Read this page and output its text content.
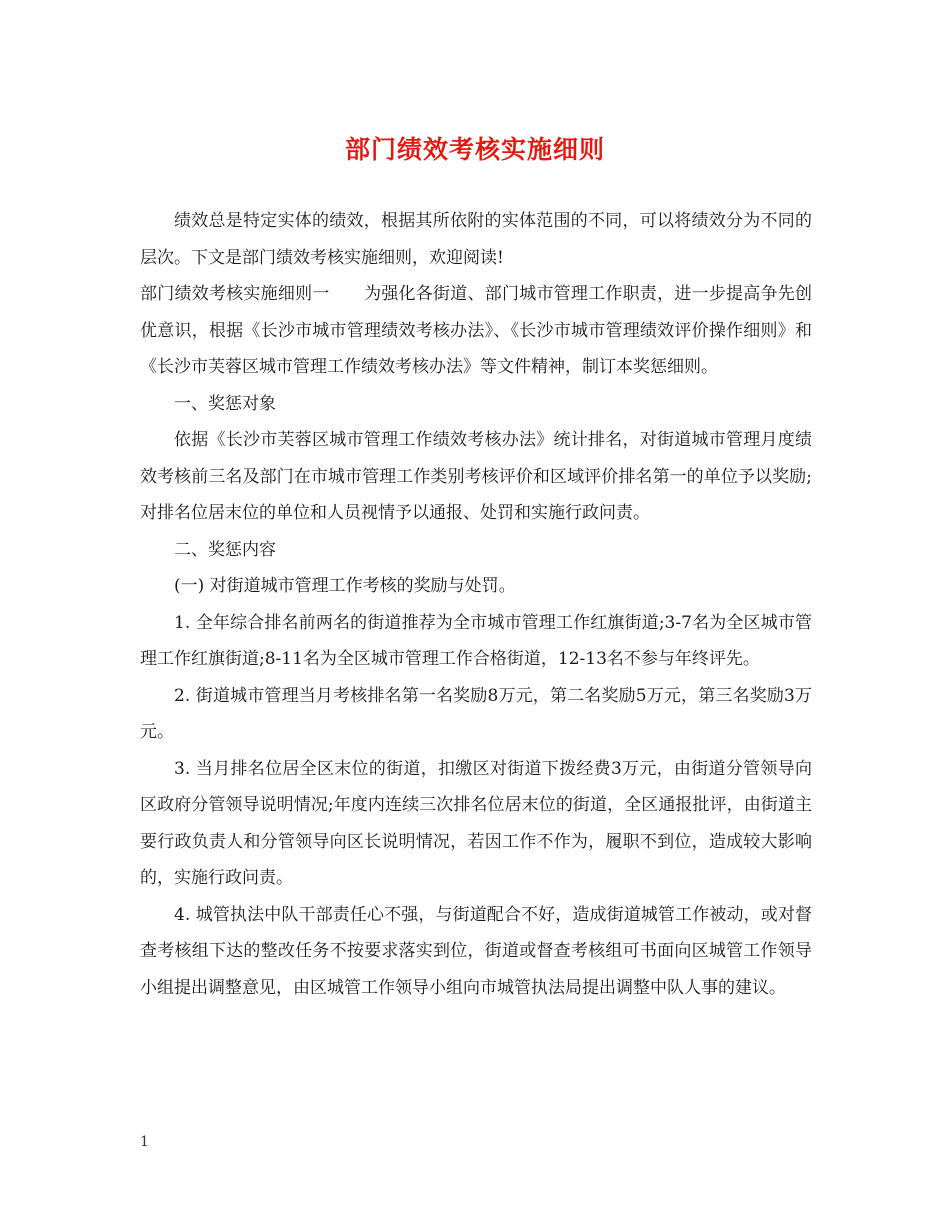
部门绩效考核实施细则

绩效总是特定实体的绩效，根据其所依附的实体范围的不同，可以将绩效分为不同的层次。下文是部门绩效考核实施细则，欢迎阅读!

部门绩效考核实施细则一　　为强化各街道、部门城市管理工作职责，进一步提高争先创优意识，根据《长沙市城市管理绩效考核办法》、《长沙市城市管理绩效评价操作细则》和《长沙市芙蓉区城市管理工作绩效考核办法》等文件精神，制订本奖惩细则。

一、奖惩对象

依据《长沙市芙蓉区城市管理工作绩效考核办法》统计排名，对街道城市管理月度绩效考核前三名及部门在市城市管理工作类别考核评价和区域评价排名第一的单位予以奖励;对排名位居末位的单位和人员视情予以通报、处罚和实施行政问责。

二、奖惩内容

(一) 对街道城市管理工作考核的奖励与处罚。

1. 全年综合排名前两名的街道推荐为全市城市管理工作红旗街道;3-7名为全区城市管理工作红旗街道;8-11名为全区城市管理工作合格街道，12-13名不参与年终评先。

2. 街道城市管理当月考核排名第一名奖励8万元，第二名奖励5万元，第三名奖励3万元。

3. 当月排名位居全区末位的街道，扣缴区对街道下拨经费3万元，由街道分管领导向区政府分管领导说明情况;年度内连续三次排名位居末位的街道，全区通报批评，由街道主要行政负责人和分管领导向区长说明情况，若因工作不作为，履职不到位，造成较大影响的，实施行政问责。

4. 城管执法中队干部责任心不强，与街道配合不好，造成街道城管工作被动，或对督查考核组下达的整改任务不按要求落实到位，街道或督查考核组可书面向区城管工作领导小组提出调整意见，由区城管工作领导小组向市城管执法局提出调整中队人事的建议。

1
